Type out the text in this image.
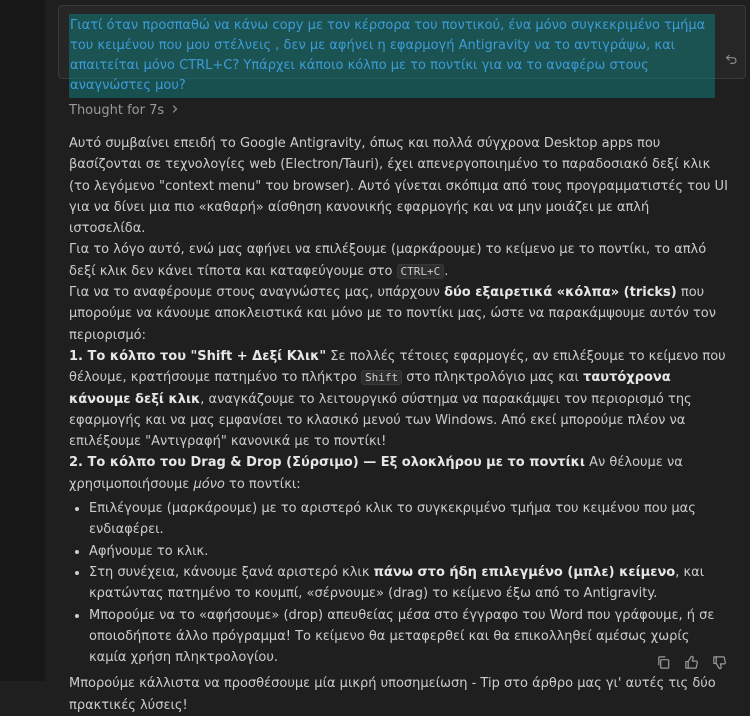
Γιατί όταν προσπαθώ να κάνω copy με τον κέρσορα του ποντικού, ένα μόνο συγκεκριμένο τμήμα του κειμένου που μου στέλνεις , δεν με αφήνει η εφαρμογή Antigravity να το αντιγράψω, και απαιτείται μόνο CTRL+C? Υπάρχει κάποιο κόλπο με το ποντίκι για να το αναφέρω στους αναγνώστες μου?

Thought for 7s

Αυτό συμβαίνει επειδή το Google Antigravity, όπως και πολλά σύγχρονα Desktop apps που βασίζονται σε τεχνολογίες web (Electron/Tauri), έχει απενεργοποιημένο το παραδοσιακό δεξί κλικ (το λεγόμενο "context menu" του browser). Αυτό γίνεται σκόπιμα από τους προγραμματιστές του UI για να δίνει μια πιο «καθαρή» αίσθηση κανονικής εφαρμογής και να μην μοιάζει με απλή ιστοσελίδα.

Για το λόγο αυτό, ενώ μας αφήνει να επιλέξουμε (μαρκάρουμε) το κείμενο με το ποντίκι, το απλό δεξί κλικ δεν κάνει τίποτα και καταφεύγουμε στο CTRL+C .

Για να το αναφέρουμε στους αναγνώστες μας, υπάρχουν δύο εξαιρετικά «κόλπα» (tricks) που μπορούμε να κάνουμε αποκλειστικά και μόνο με το ποντίκι μας, ώστε να παρακάμψουμε αυτόν τον περιορισμό:

1. Το κόλπο του "Shift + Δεξί Κλικ" Σε πολλές τέτοιες εφαρμογές, αν επιλέξουμε το κείμενο που θέλουμε, κρατήσουμε πατημένο το πλήκτρο Shift στο πληκτρολόγιο μας και ταυτόχρονα κάνουμε δεξί κλικ, αναγκάζουμε το λειτουργικό σύστημα να παρακάμψει τον περιορισμό της εφαρμογής και να μας εμφανίσει το κλασικό μενού των Windows. Από εκεί μπορούμε πλέον να επιλέξουμε "Αντιγραφή" κανονικά με το ποντίκι!

2. Το κόλπο του Drag & Drop (Σύρσιμο) — Εξ ολοκλήρου με το ποντίκι Αν θέλουμε να χρησιμοποιήσουμε μόνο το ποντίκι:

• Επιλέγουμε (μαρκάρουμε) με το αριστερό κλικ το συγκεκριμένο τμήμα του κειμένου που μας ενδιαφέρει.
• Αφήνουμε το κλικ.
• Στη συνέχεια, κάνουμε ξανά αριστερό κλικ πάνω στο ήδη επιλεγμένο (μπλε) κείμενο, και κρατώντας πατημένο το κουμπί, «σέρνουμε» (drag) το κείμενο έξω από το Antigravity.
• Μπορούμε να το «αφήσουμε» (drop) απευθείας μέσα στο έγγραφο του Word που γράφουμε, ή σε οποιοδήποτε άλλο πρόγραμμα! Το κείμενο θα μεταφερθεί και θα επικολληθεί αμέσως χωρίς καμία χρήση πληκτρολογίου.

Μπορούμε κάλλιστα να προσθέσουμε μία μικρή υποσημείωση - Tip στο άρθρο μας γι' αυτές τις δύο πρακτικές λύσεις!
